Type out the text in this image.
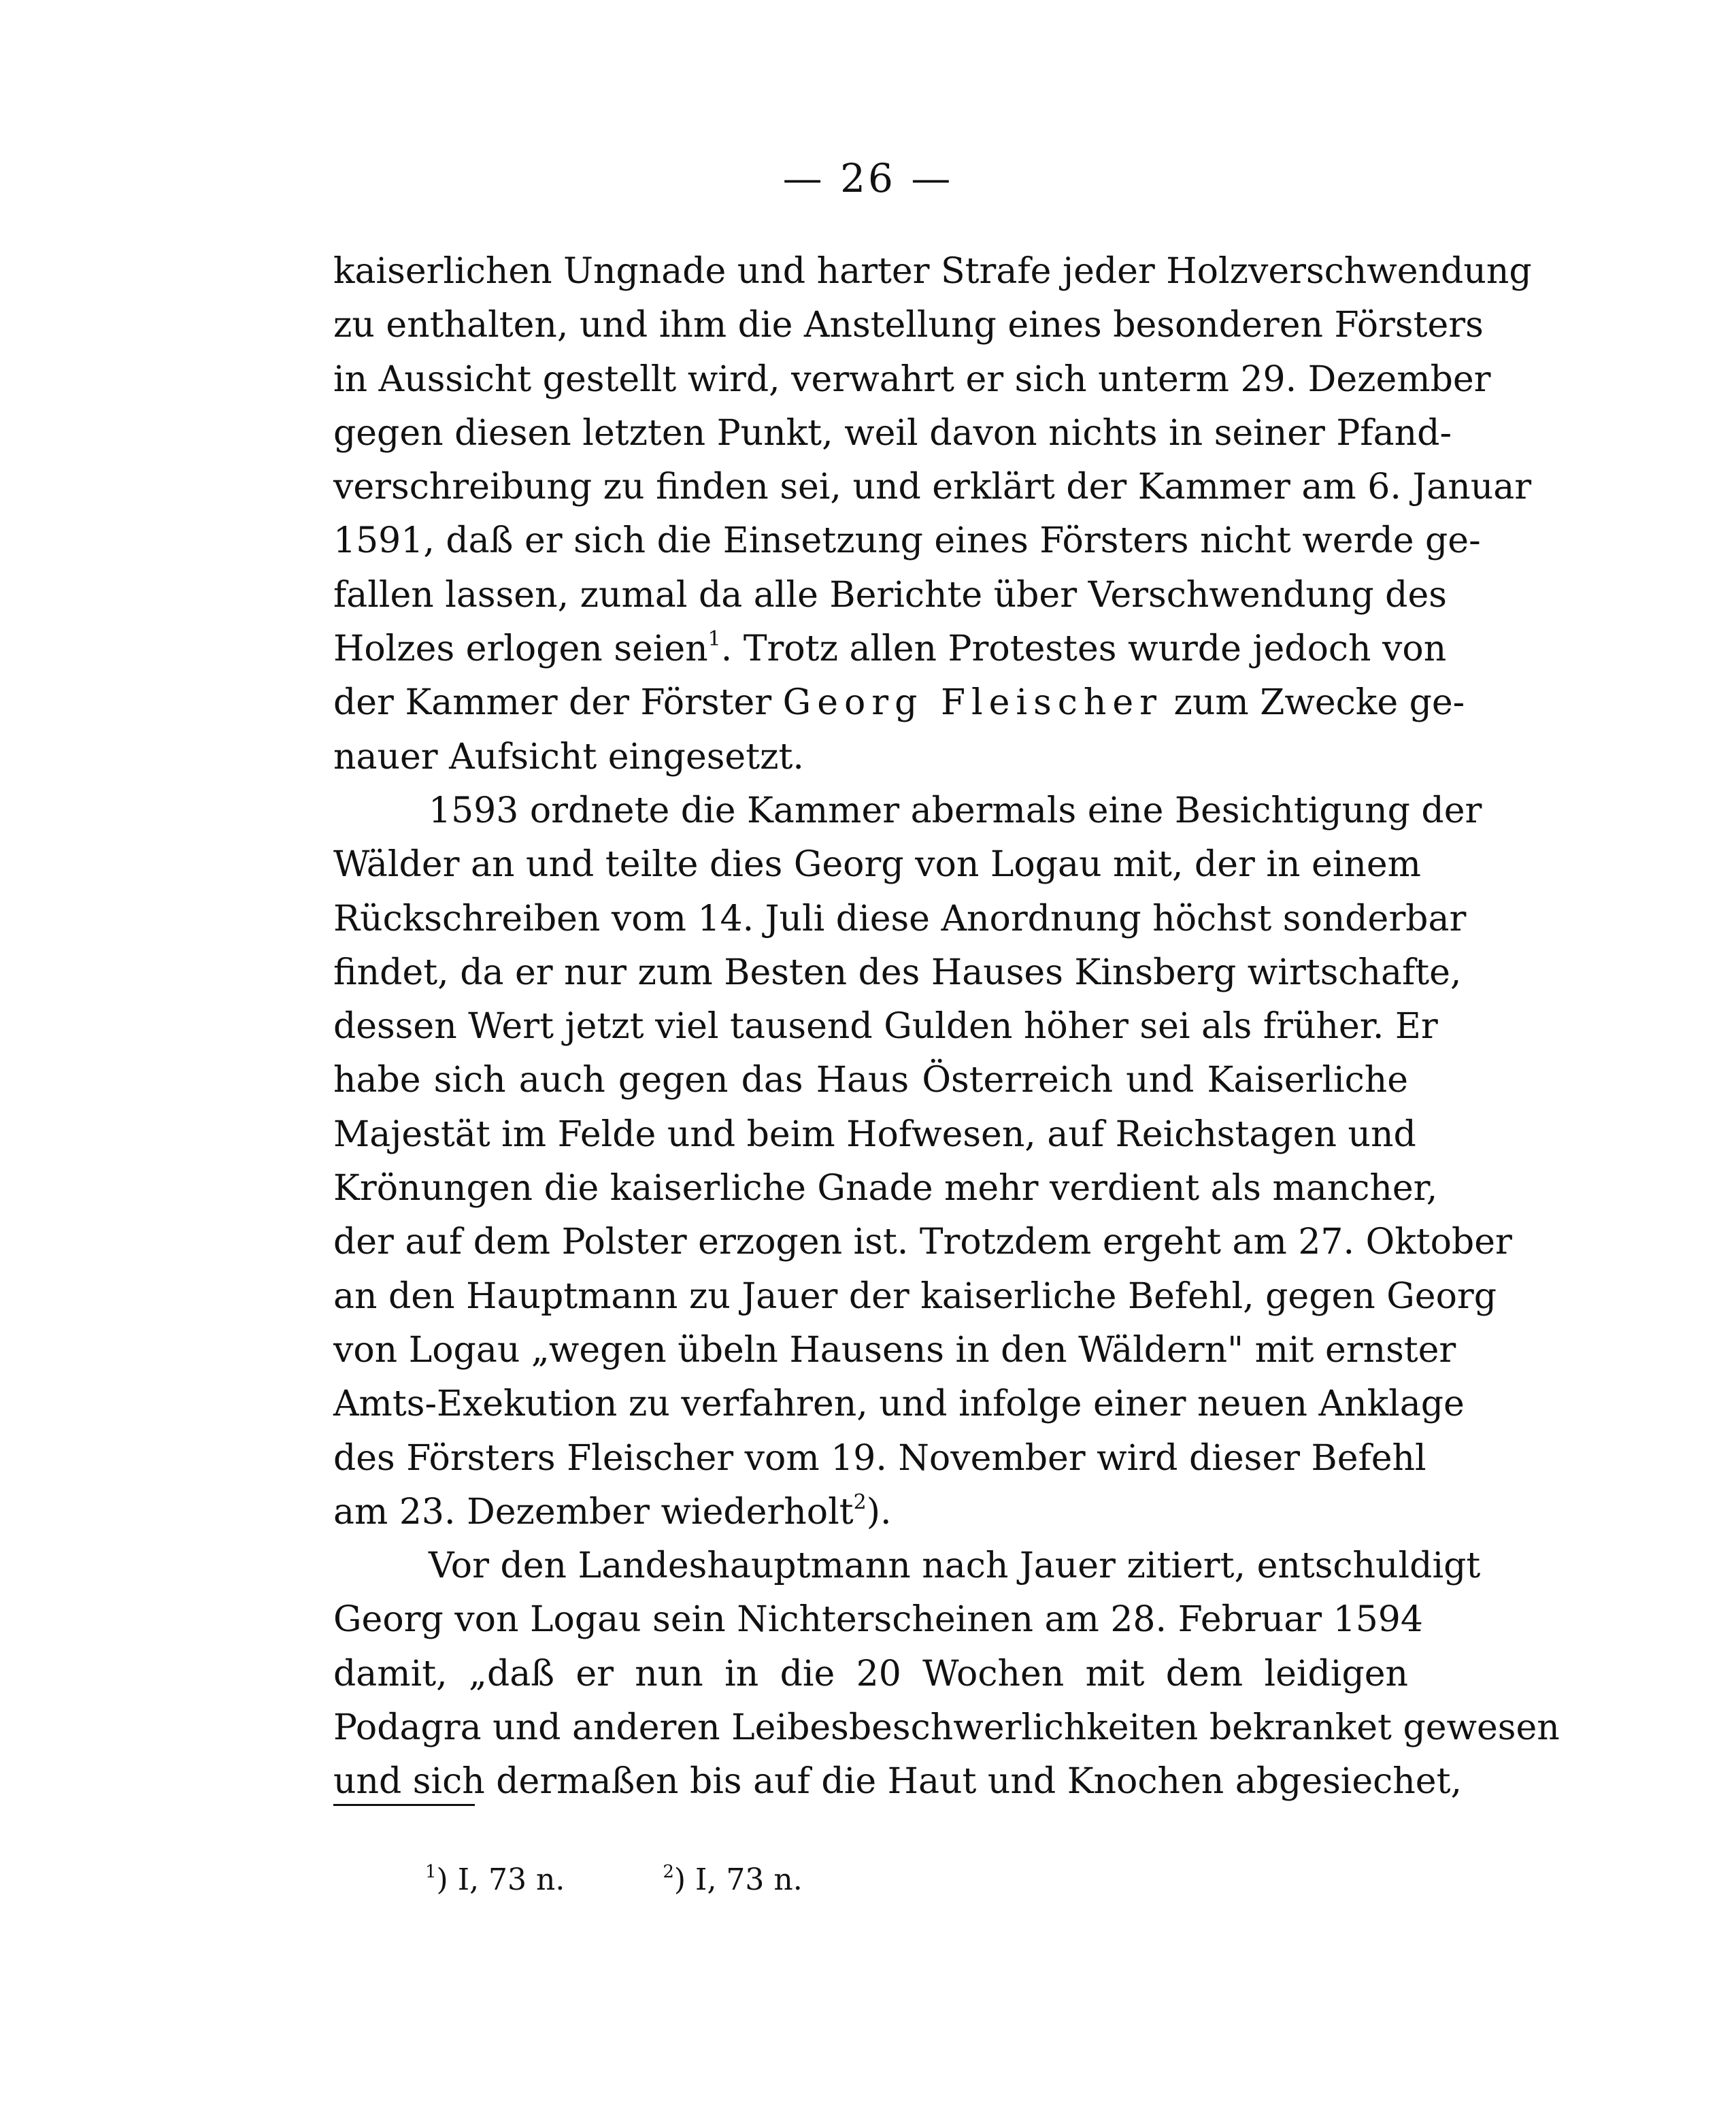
— 26 —
kaiserlichen Ungnade und harter Strafe jeder Holzverschwendung
zu enthalten, und ihm die Anstellung eines besonderen Försters
in Aussicht gestellt wird, verwahrt er sich unterm 29. Dezember
gegen diesen letzten Punkt, weil davon nichts in seiner Pfand-
verschreibung zu finden sei, und erklärt der Kammer am 6. Januar
1591, daß er sich die Einsetzung eines Försters nicht werde ge-
fallen lassen, zumal da alle Berichte über Verschwendung des
Holzes erlogen seien$^1$. Trotz allen Protestes wurde jedoch von
der Kammer der Förster Georg Fleischer zum Zwecke ge-
nauer Aufsicht eingesetzt.
1593 ordnete die Kammer abermals eine Besichtigung der
Wälder an und teilte dies Georg von Logau mit, der in einem
Rückschreiben vom 14. Juli diese Anordnung höchst sonderbar
findet, da er nur zum Besten des Hauses Kinsberg wirtschafte,
dessen Wert jetzt viel tausend Gulden höher sei als früher. Er
habe sich auch gegen das Haus Österreich und Kaiserliche
Majestät im Felde und beim Hofwesen, auf Reichstagen und
Krönungen die kaiserliche Gnade mehr verdient als mancher,
der auf dem Polster erzogen ist. Trotzdem ergeht am 27. Oktober
an den Hauptmann zu Jauer der kaiserliche Befehl, gegen Georg
von Logau „wegen übeln Hausens in den Wäldern" mit ernster
Amts-Exekution zu verfahren, und infolge einer neuen Anklage
des Försters Fleischer vom 19. November wird dieser Befehl
am 23. Dezember wiederholt$^2$).
Vor den Landeshauptmann nach Jauer zitiert, entschuldigt
Georg von Logau sein Nichterscheinen am 28. Februar 1594
damit, „daß er nun in die 20 Wochen mit dem leidigen
Podagra und anderen Leibesbeschwerlichkeiten bekranket gewesen
und sich dermaßen bis auf die Haut und Knochen abgesiechet,
$^1$) I, 73 n.	$^2$) I, 73 n.
